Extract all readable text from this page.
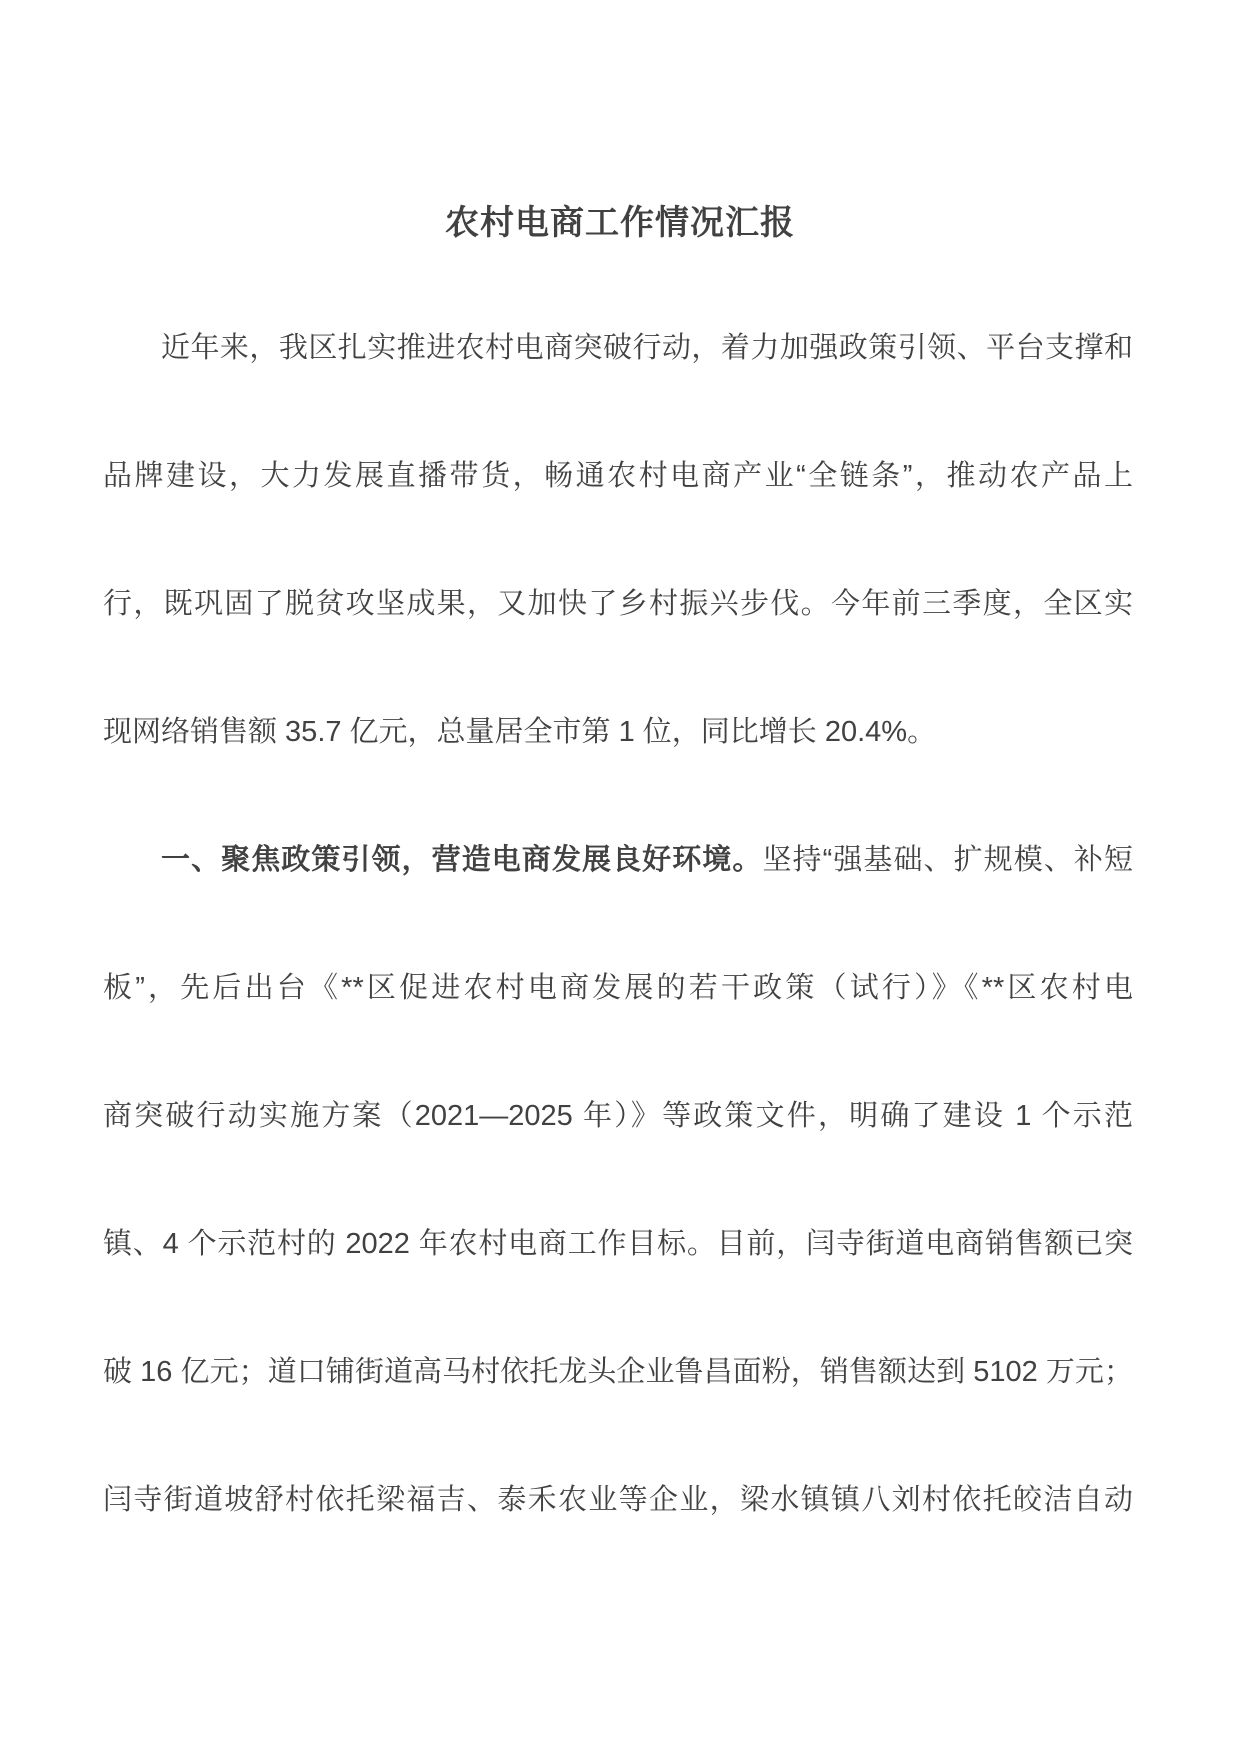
农村电商工作情况汇报
近年来，我区扎实推进农村电商突破行动，着力加强政策引领、平台支撑和
品牌建设，大力发展直播带货，畅通农村电商产业“全链条”，推动农产品上
行，既巩固了脱贫攻坚成果，又加快了乡村振兴步伐。今年前三季度，全区实
现网络销售额 35.7 亿元，总量居全市第 1 位，同比增长 20.4%。
一、聚焦政策引领，营造电商发展良好环境。坚持“强基础、扩规模、补短
板”，先后出台《**区促进农村电商发展的若干政策（试行）》《**区农村电
商突破行动实施方案（2021—2025 年）》等政策文件，明确了建设 1 个示范
镇、4 个示范村的 2022 年农村电商工作目标。目前，闫寺街道电商销售额已突
破 16 亿元；道口铺街道高马村依托龙头企业鲁昌面粉，销售额达到 5102 万元；
闫寺街道坡舒村依托梁福吉、泰禾农业等企业，梁水镇镇八刘村依托皎洁自动
